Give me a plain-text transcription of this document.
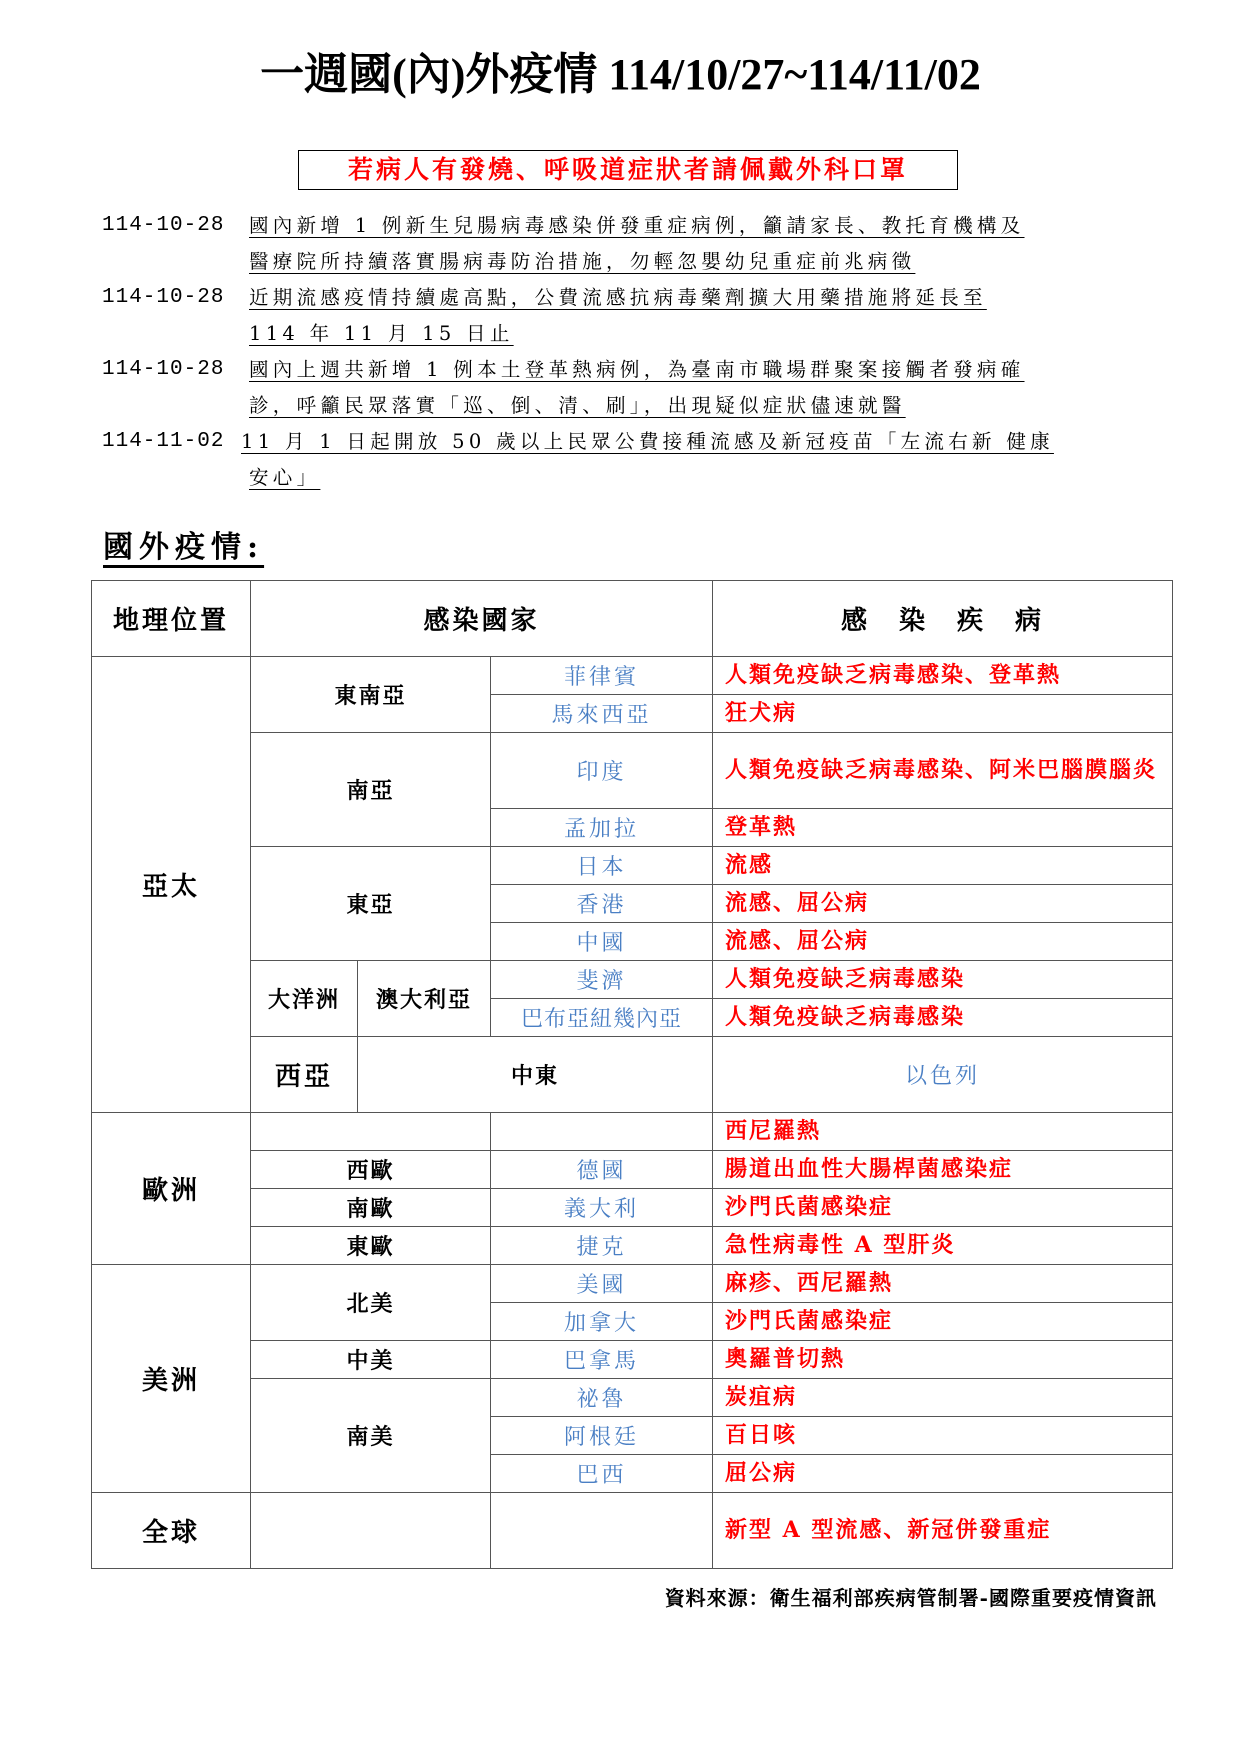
一週國(內)外疫情 114/10/27~114/11/02
若病人有發燒、呼吸道症狀者請佩戴外科口罩
114-10-28 國內新增 1 例新生兒腸病毒感染併發重症病例，籲請家長、教托育機構及
醫療院所持續落實腸病毒防治措施，勿輕忽嬰幼兒重症前兆病徵
114-10-28 近期流感疫情持續處高點，公費流感抗病毒藥劑擴大用藥措施將延長至
114 年 11 月 15 日止
114-10-28 國內上週共新增 1 例本土登革熱病例，為臺南市職場群聚案接觸者發病確
診，呼籲民眾落實「巡、倒、清、刷」，出現疑似症狀儘速就醫
114-11-02 11 月 1 日起開放 50 歲以上民眾公費接種流感及新冠疫苗「左流右新 健康
安心」
國外疫情:
地理位置	感染國家			感　染　疾　病	
亞太	東南亞		菲律賓	人類免疫缺乏病毒感染、登革熱	
			馬來西亞	狂犬病	
	南亞		印度	人類免疫缺乏病毒感染、阿米巴腦膜腦炎	
			孟加拉	登革熱	
	東亞		日本	流感	
			香港	流感、屈公病	
			中國	流感、屈公病	
	大洋洲	澳大利亞	斐濟	人類免疫缺乏病毒感染	
			巴布亞紐幾內亞	人類免疫缺乏病毒感染	
	西亞	中東		以色列	
歐洲				西尼羅熱	
	西歐		德國	腸道出血性大腸桿菌感染症	
	南歐		義大利	沙門氏菌感染症	
	東歐		捷克	急性病毒性 A 型肝炎	
美洲	北美		美國	麻疹、西尼羅熱	
			加拿大	沙門氏菌感染症	
	中美		巴拿馬	奧羅普切熱	
	南美		祕魯	炭疽病	
			阿根廷	百日咳	
			巴西	屈公病	
全球				新型 A 型流感、新冠併發重症	
資料來源：衛生福利部疾病管制署-國際重要疫情資訊
